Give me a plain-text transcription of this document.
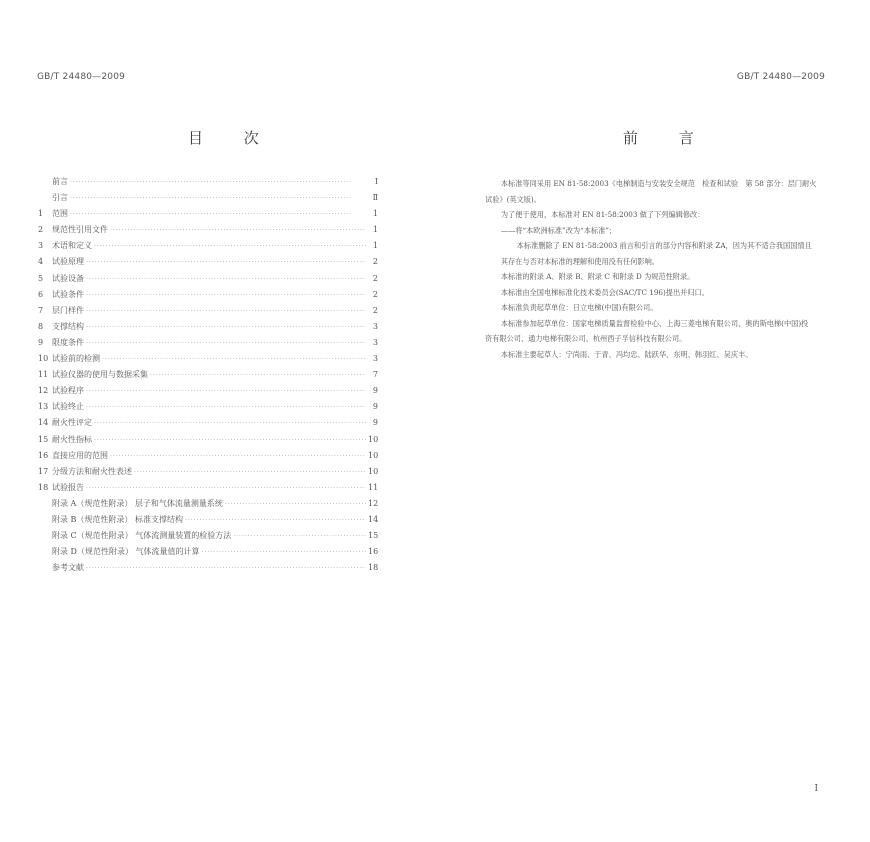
GB/T 24480—2009
目 次
前言 ·····	Ⅰ
引言 ·····	Ⅱ
1	范围 ·····	1
2	规范性引用文件 ·····	1
3	术语和定义 ·····	1
4	试验原理 ·····	2
5	试验设备 ·····	2
6	试验条件 ·····	2
7	层门样件 ·····	2
8	支撑结构 ·····	3
9	限度条件 ·····	3
10 试验前的检测 ·····	3
11 试验仪器的使用与数据采集 ·····	7
12 试验程序 ·····	9
13 试验终止 ·····	9
14 耐火性评定 ·····	9
15 耐火性指标 ·····	10
16 直接应用的范围 ·····	10
17 分级方法和耐火性表述 ·····	10
18 试验报告 ·····	11
附录 A（规范性附录） 层子和气体流量测量系统 ·····	12
附录 B（规范性附录） 标准支撑结构 ·····	14
附录 C（规范性附录） 气体流测量装置的检验方法 ·····	15
附录 D（规范性附录） 气体流量值的计算 ·····	16
参考文献 ·····	18
GB/T 24480—2009
前 言
I

本标准等同采用 EN 81-58:2003《电梯制造与安装安全规范　检查和试验　第 58 部分：层门耐火

试验》(英文版)。

为了便于使用，本标准对 EN 81-58:2003 做了下列编辑修改：

——将“本欧洲标准”改为“本标准”；

本标准删除了 EN 81-58:2003 前言和引言的部分内容和附录 ZA，因为其不适合我国国情且

其存在与否对本标准的理解和使用没有任何影响。

本标准的附录 A、附录 B、附录 C 和附录 D 为规范性附录。

本标准由全国电梯标准化技术委员会(SAC/TC 196)提出并归口。

本标准负责起草单位：日立电梯(中国)有限公司。

本标准参加起草单位：国家电梯质量监督检验中心、上海三菱电梯有限公司、奥的斯电梯(中国)投

资有限公司、通力电梯有限公司、杭州西子孚信科技有限公司。

本标准主要起草人：宁尚雨、于青、冯均忠、陆跃华、东明、韩羽红、吴庆丰。
